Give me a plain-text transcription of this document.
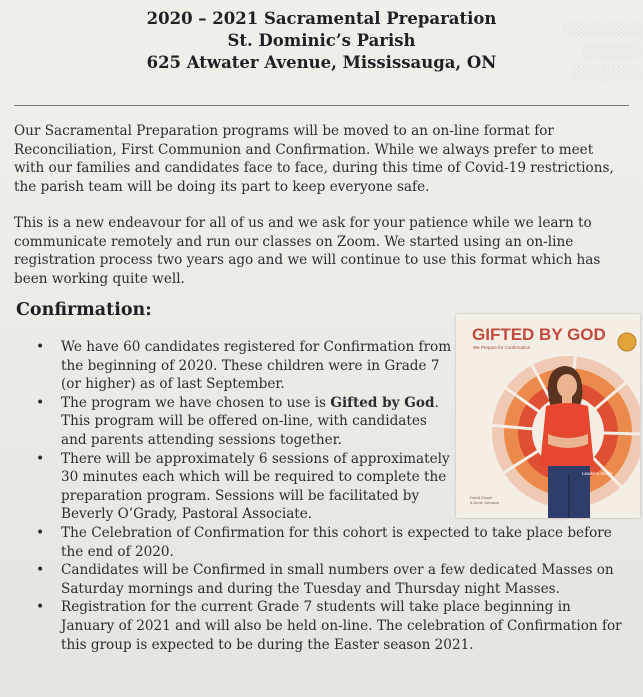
░░░░░░░░
░░░░░░
░░░░░░░
2020 – 2021 Sacramental Preparation
St. Dominic’s Parish
625 Atwater Avenue, Mississauga, ON
Our Sacramental Preparation programs will be moved to an on-line format for Reconciliation, First Communion and Confirmation. While we always prefer to meet with our families and candidates face to face, during this time of Covid-19 restrictions, the parish team will be doing its part to keep everyone safe.
This is a new endeavour for all of us and we ask for your patience while we learn to communicate remotely and run our classes on Zoom. We started using an on-line registration process two years ago and we will continue to use this format which has been working quite well.
Confirmation:
• We have 60 candidates registered for Confirmation from the beginning of 2020. These children were in Grade 7 (or higher) as of last September.
• The program we have chosen to use is Gifted by God. This program will be offered on-line, with candidates and parents attending sessions together.
• There will be approximately 6 sessions of approximately 30 minutes each which will be required to complete the preparation program. Sessions will be facilitated by Beverly O’Grady, Pastoral Associate.
• The Celebration of Confirmation for this cohort is expected to take place before the end of 2020.
• Candidates will be Confirmed in small numbers over a few dedicated Masses on Saturday mornings and during the Tuesday and Thursday night Masses.
• Registration for the current Grade 7 students will take place beginning in January of 2021 and will also be held on-line. The celebration of Confirmation for this group is expected to be during the Easter season 2021.
GIFTED BY GOD
We Prepare for Confirmation
Leader’s Guide
David Dwyer
& Anne Johnson
